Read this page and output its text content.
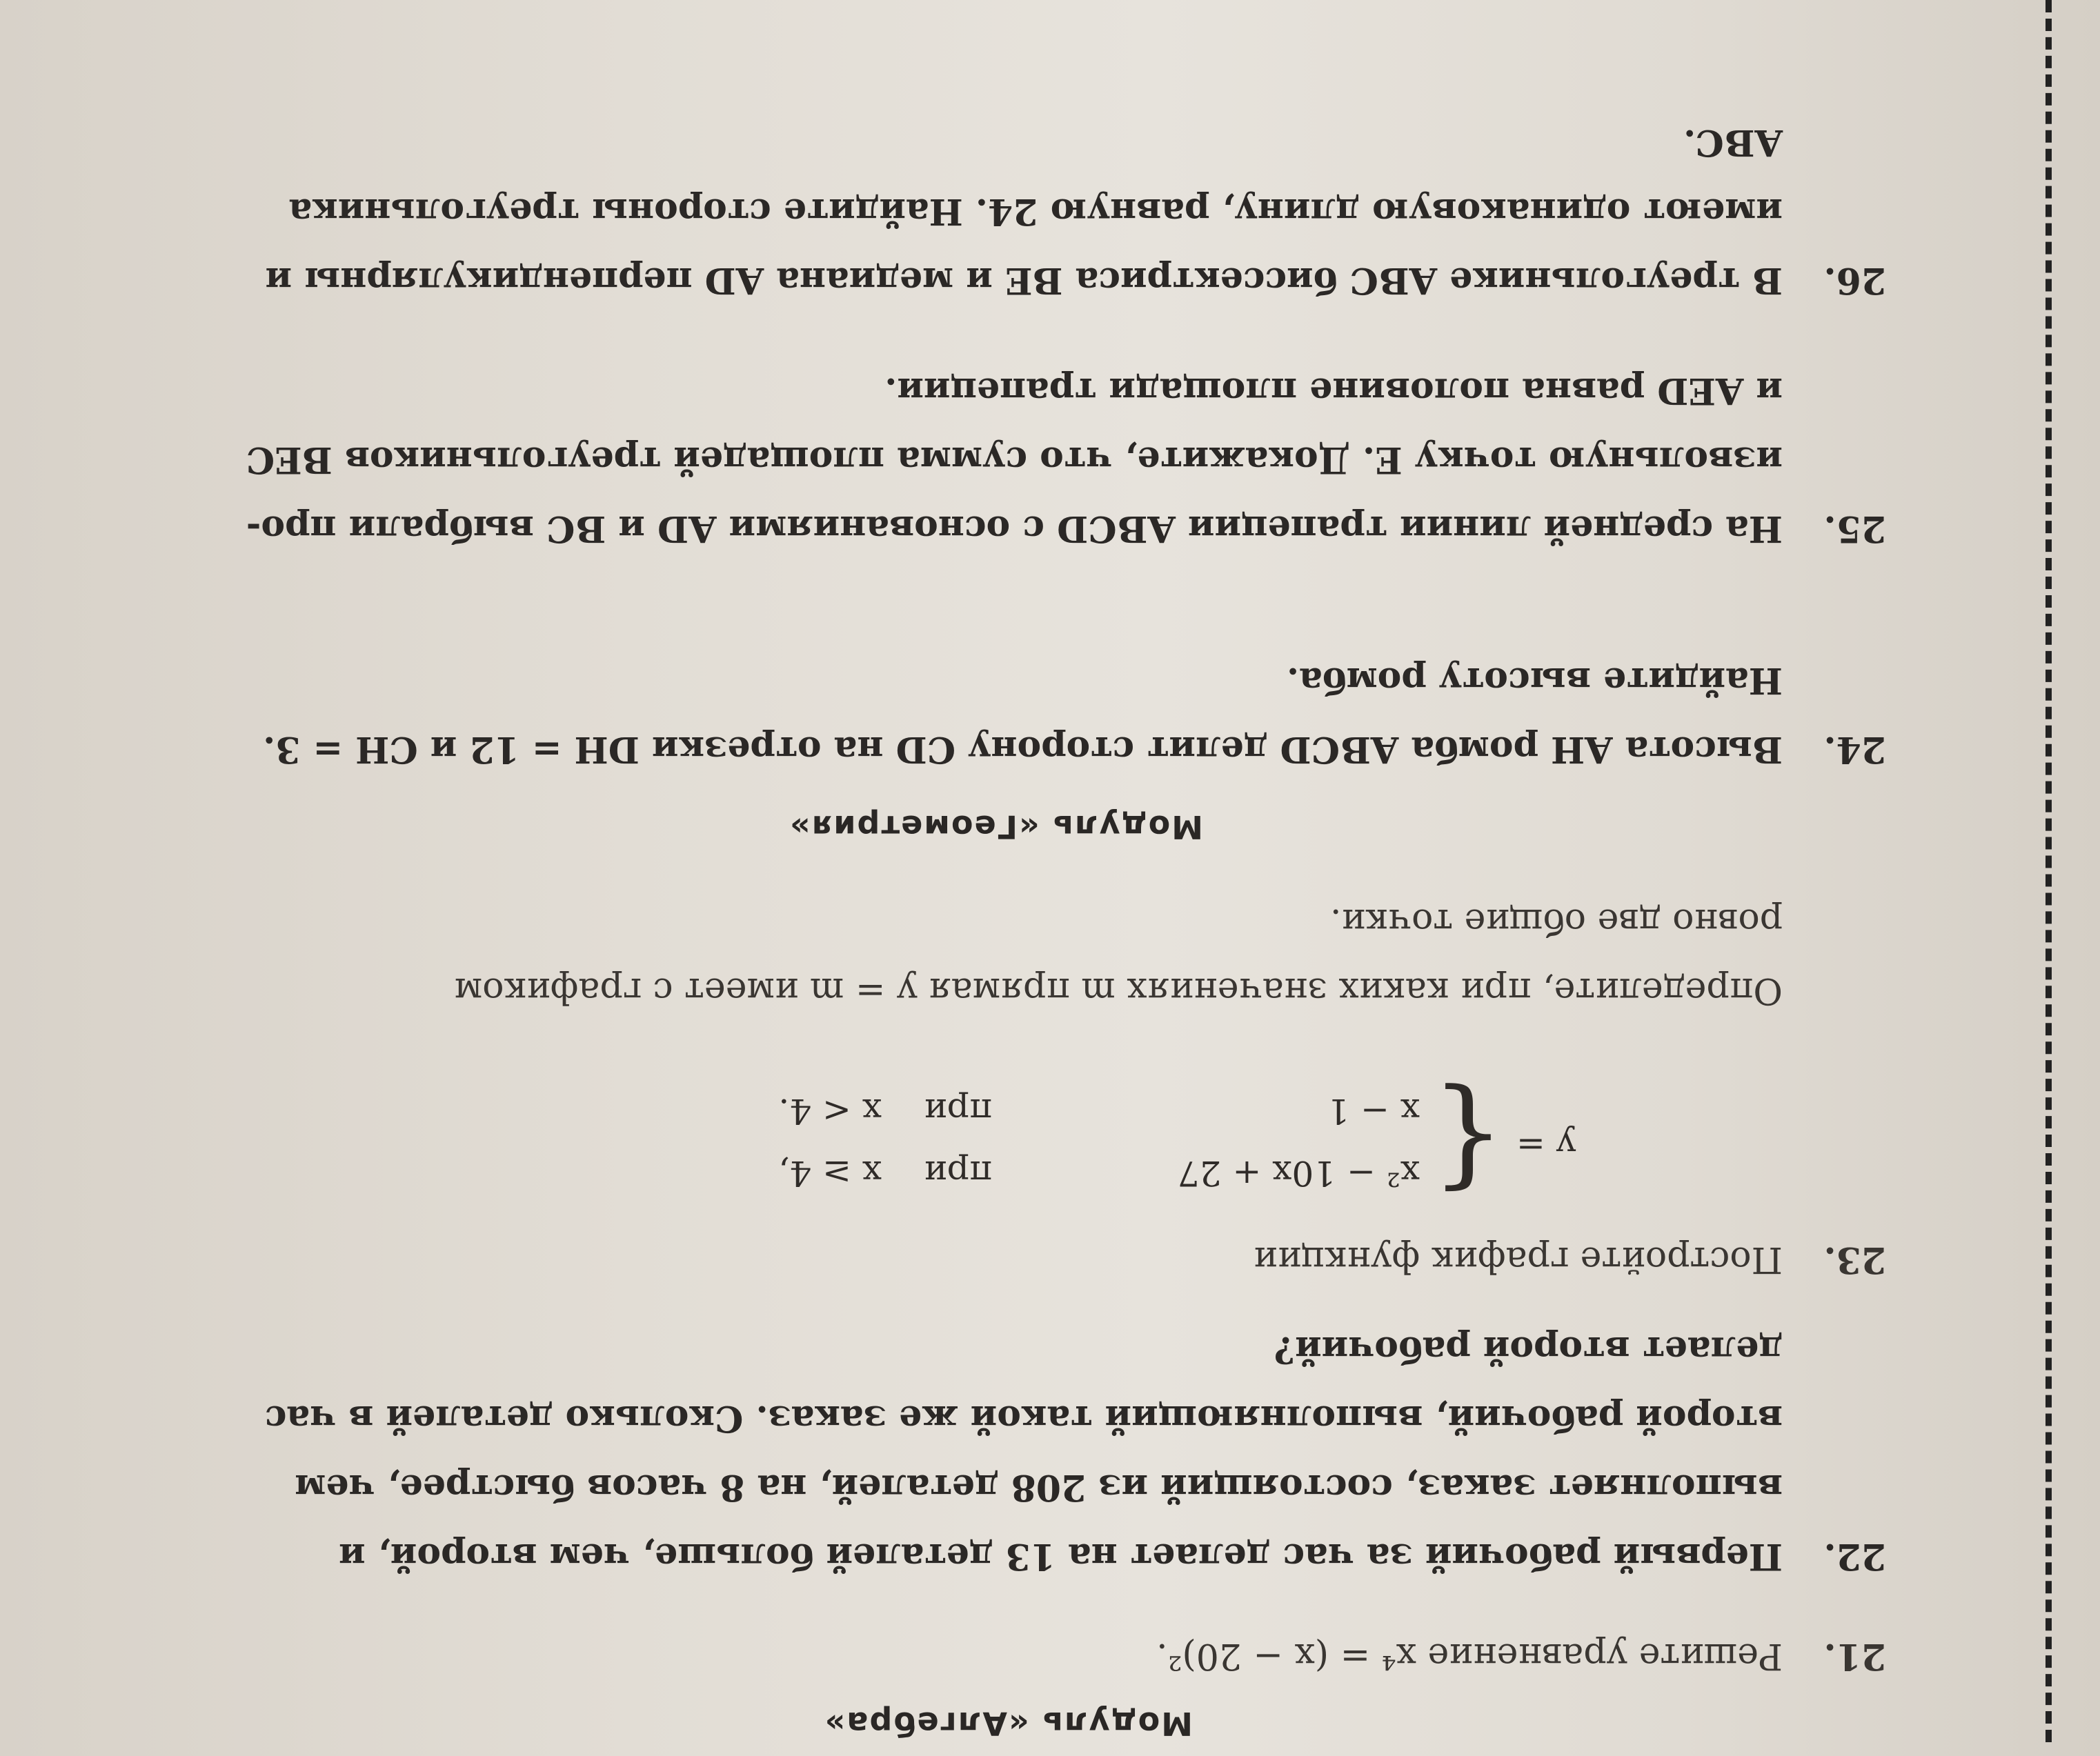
Модуль «Алгебра»
21.Решите уравнение x⁴ = (x − 20)².
22.Первый рабочий за час делает на 13 деталей больше, чем второй, и
выполняет заказ, состоящий из 208 деталей, на 8 часов быстрее, чем
второй рабочий, выполняющий такой же заказ. Сколько деталей в час
делает второй рабочий?
23.Постройте график функции
y = {
x² − 10x + 27приx ≥ 4,
x − 1приx < 4.
Определите, при каких значениях m прямая y = m имеет с графиком
ровно две общие точки.
Модуль «Геометрия»
24.Высота AH ромба ABCD делит сторону CD на отрезки DH = 12 и CH = 3.
Найдите высоту ромба.
25.На средней линии трапеции ABCD с основаниями AD и BC выбрали про-
извольную точку E. Докажите, что сумма площадей треугольников BEC
и AED равна половине площади трапеции.
26.В треугольнике ABC биссектриса BE и медиана AD перпендикулярны и
имеют одинаковую длину, равную 24. Найдите стороны треугольника
ABC.
